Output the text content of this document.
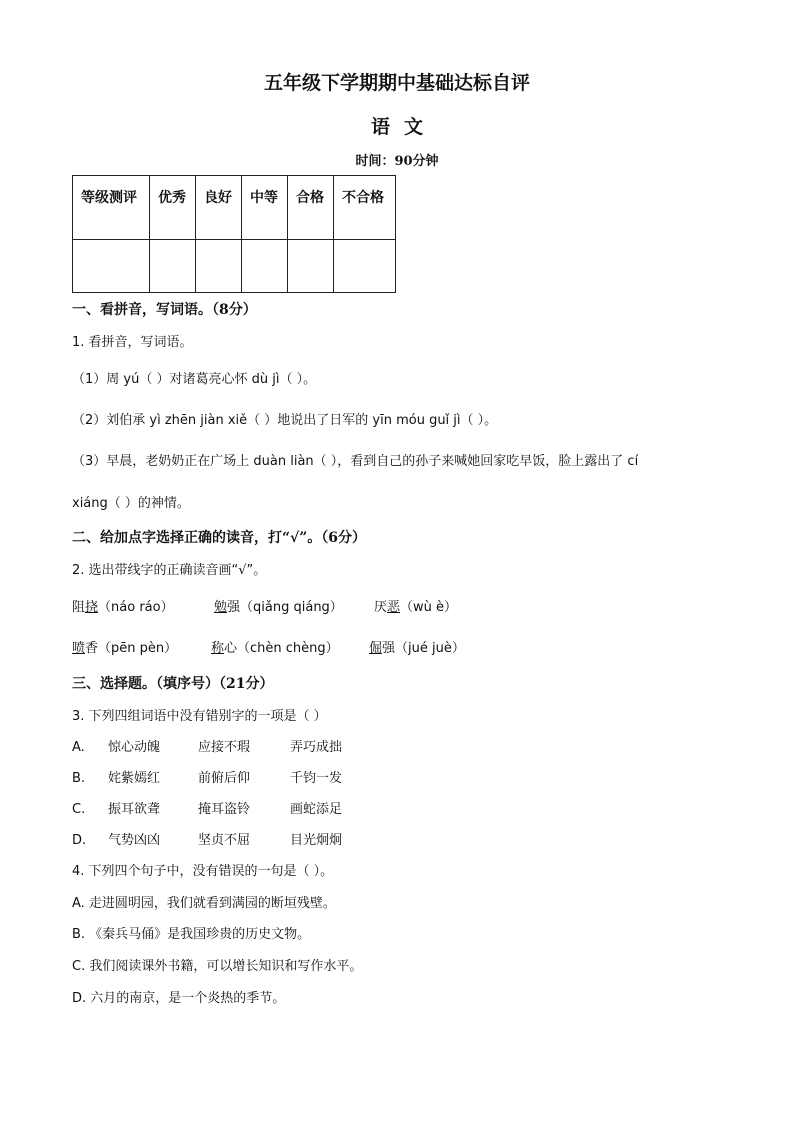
五年级下学期期中基础达标自评
语文
时间：90分钟
等级测评	优秀	良好	中等	合格	不合格

一、看拼音，写词语。（8分）
1. 看拼音，写词语。
（1）周 yú（ ）对诸葛亮心怀 dù jì（ ）。
（2）刘伯承 yì zhēn jiàn xiě（ ）地说出了日军的 yīn móu guǐ jì（ ）。
（3）早晨，老奶奶正在广场上 duàn liàn（ ），看到自己的孙子来喊她回家吃早饭，脸上露出了 cí
xiáng（ ）的神情。
二、给加点字选择正确的读音，打“√”。（6分）
2. 选出带线字的正确读音画“√”。
阻挠（náo ráo）	勉强（qiǎng qiáng） 厌恶（wù è）
喷香（pēn pèn）	称心（chèn chèng） 倔强（jué juè）
三、选择题。（填序号）（21分）
3. 下列四组词语中没有错别字的一项是（ ）
A. 惊心动魄	应接不瑕	弄巧成拙
B. 姹紫嫣红	前俯后仰	千钧一发
C. 振耳欲聋	掩耳盗铃	画蛇添足
D. 气势凶凶	坚贞不屈	目光炯炯
4. 下列四个句子中，没有错误的一句是（ ）。
A. 走进圆明园，我们就看到满园的断垣残壁。
B. 《秦兵马俑》是我国珍贵的历史文物。
C. 我们阅读课外书籍，可以增长知识和写作水平。
D. 六月的南京，是一个炎热的季节。
